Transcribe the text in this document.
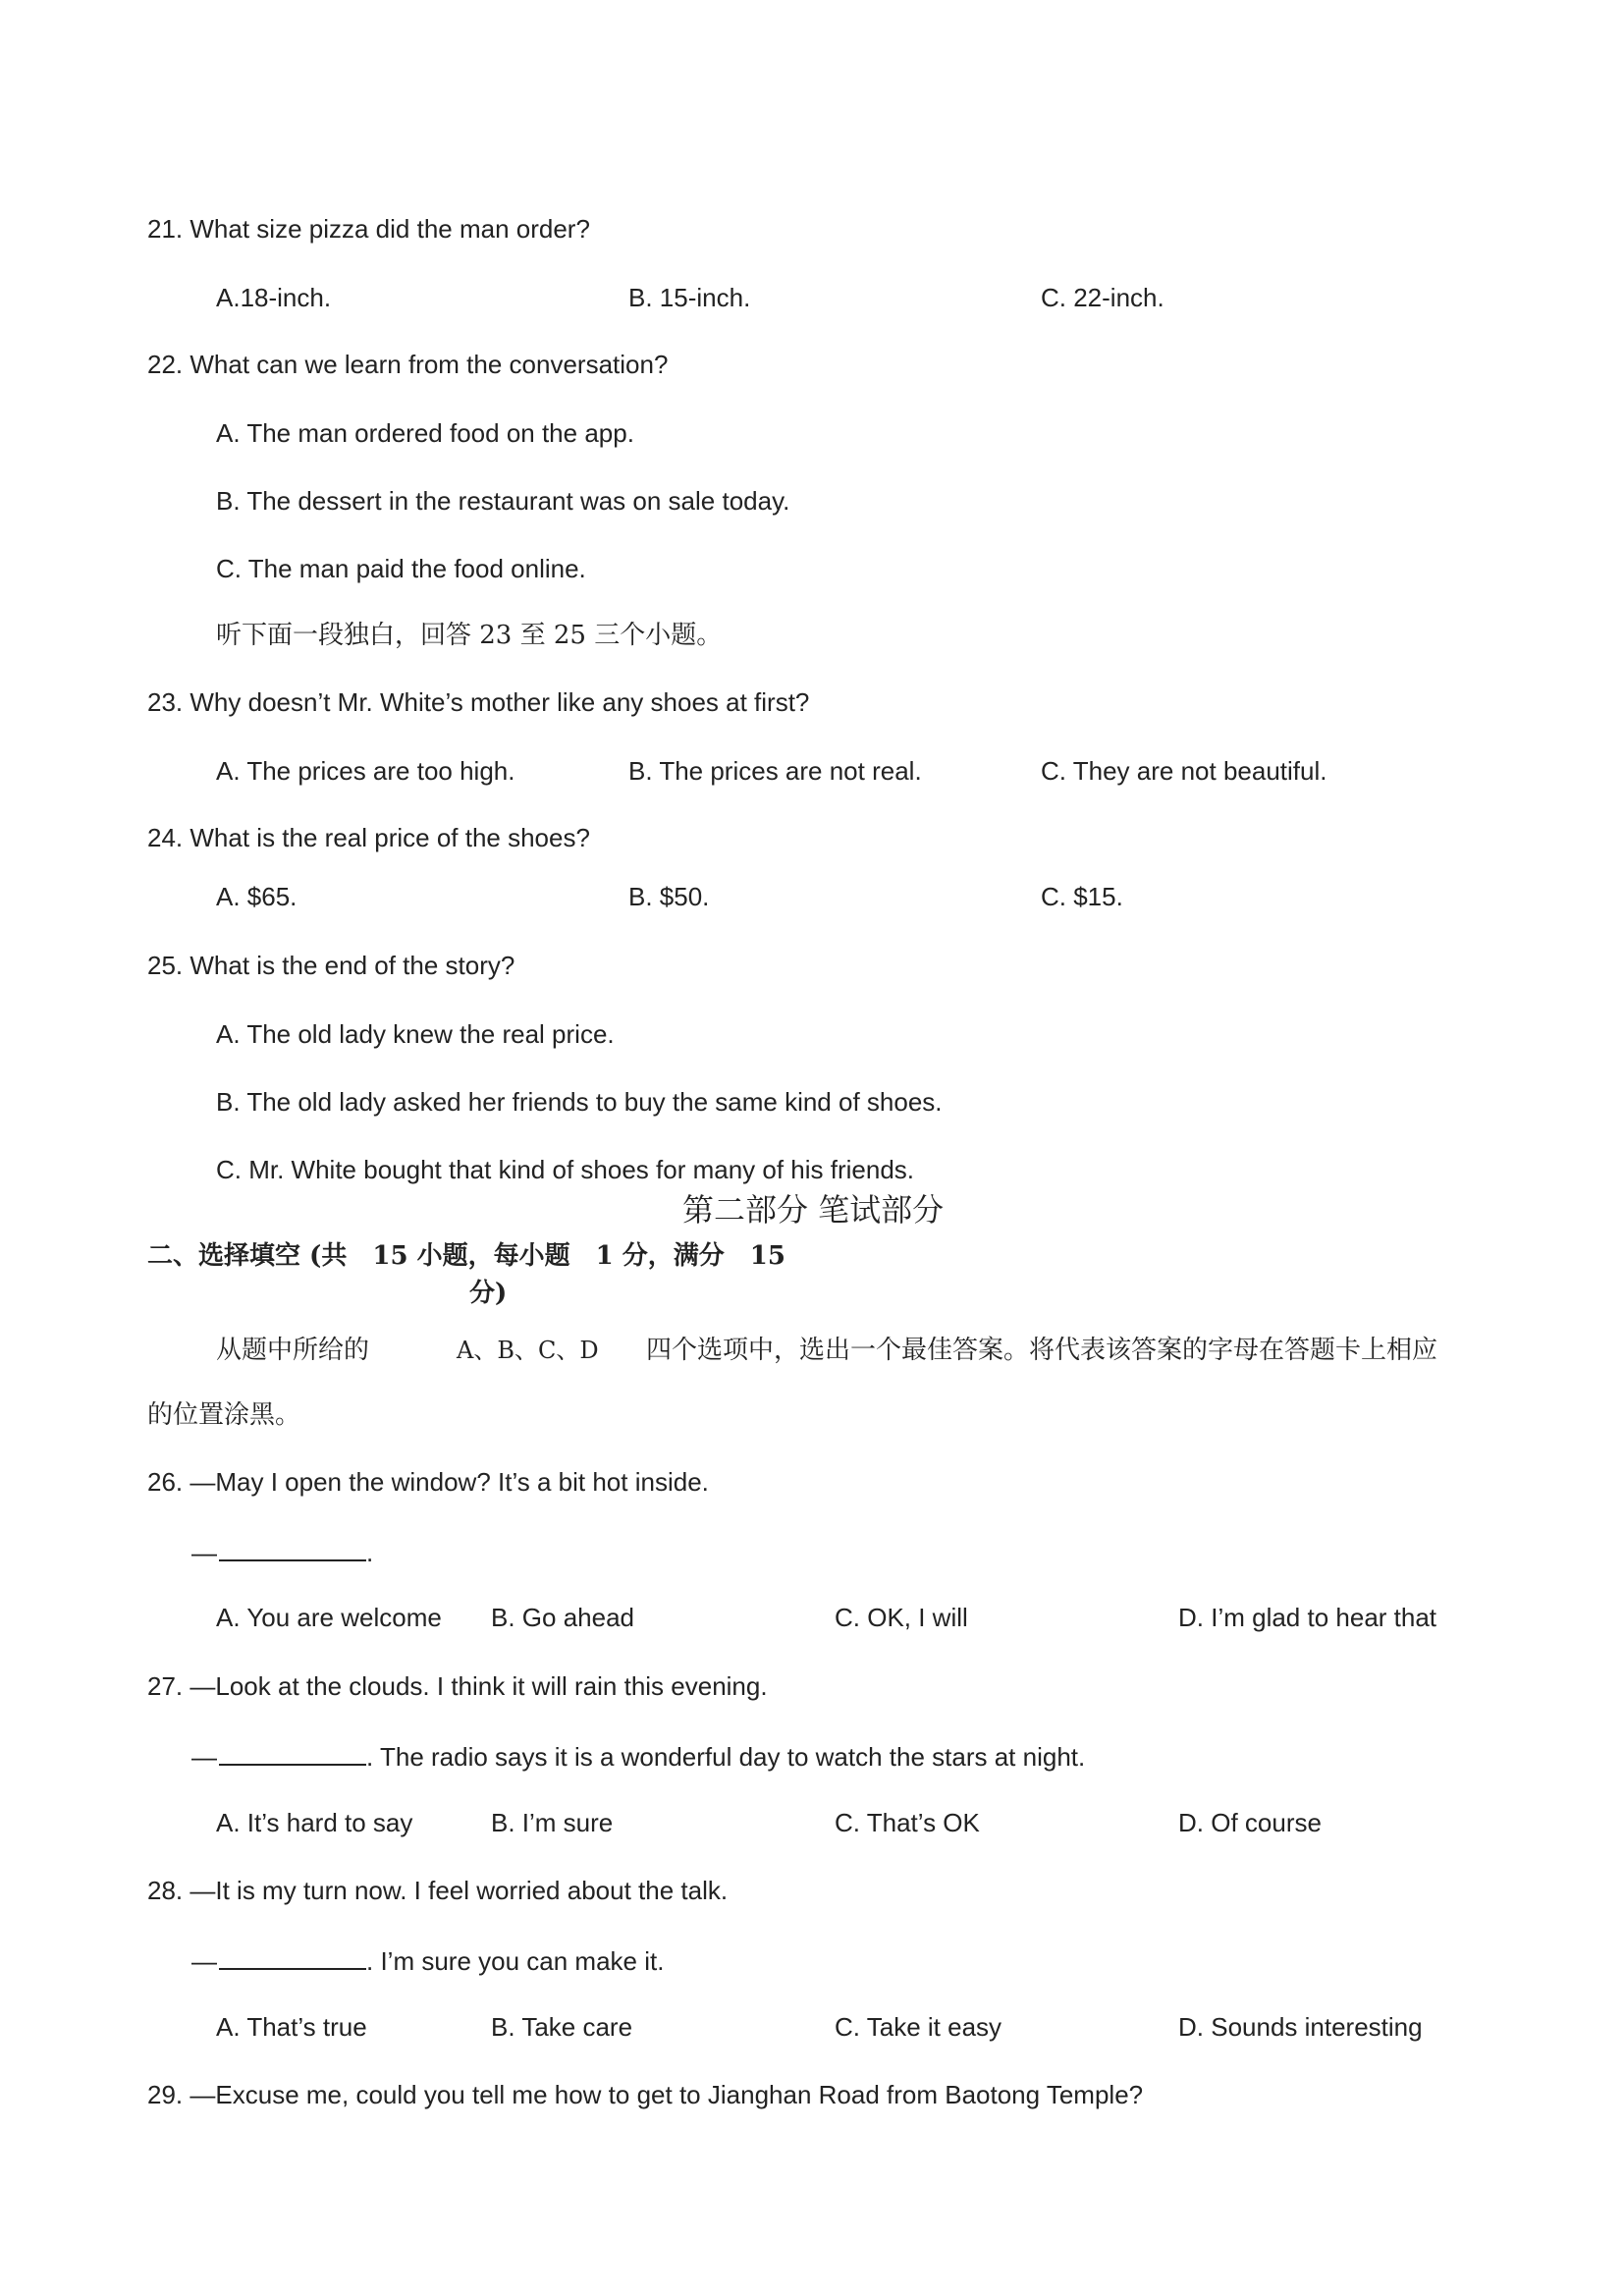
21. What size pizza did the man order?
A.18-inch.	B. 15-inch.	C. 22-inch.
22. What can we learn from the conversation?
A. The man ordered food on the app.
B. The dessert in the restaurant was on sale today.
C. The man paid the food online.
听下面一段独白，回答 23 至 25 三个小题。
23. Why doesn’t Mr. White’s mother like any shoes at first?
A. The prices are too high.	B. The prices are not real.	C. They are not beautiful.
24. What is the real price of the shoes?
A. $65.	B. $50.	C. $15.
25. What is the end of the story?
A. The old lady knew the real price.
B. The old lady asked her friends to buy the same kind of shoes.
C. Mr. White bought that kind of shoes for many of his friends.
第二部分 笔试部分
二、选择填空 (共　15 小题，每小题　1 分，满分　15
分)
从题中所给的	A、B、C、D 四个选项中，选出一个最佳答案。将代表该答案的字母在答题卡上相应
的位置涂黑。
26. —May I open the window? It’s a bit hot inside.
—	.
A. You are welcome B. Go ahead	C. OK, I will	D. I’m glad to hear that
27. —Look at the clouds. I think it will rain this evening.
—	. The radio says it is a wonderful day to watch the stars at night.
A. It’s hard to say	B. I’m sure	C. That’s OK	D. Of course
28. —It is my turn now. I feel worried about the talk.
—	. I’m sure you can make it.
A. That’s true	B. Take care	C. Take it easy	D. Sounds interesting
29. —Excuse me, could you tell me how to get to Jianghan Road from Baotong Temple?
